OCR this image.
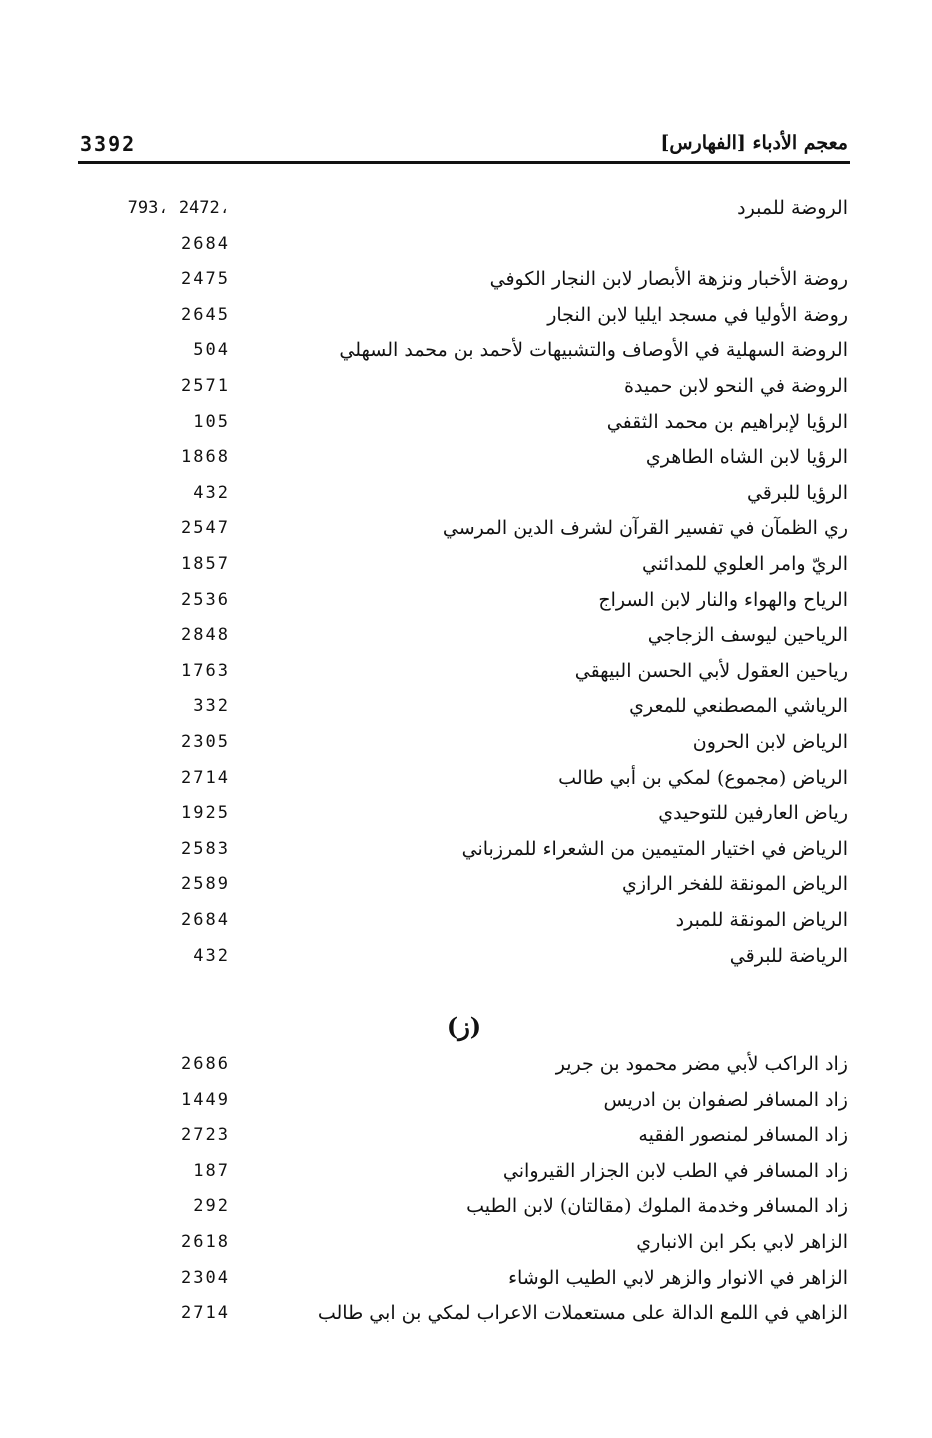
معجم الأدباء [الفهارس]
3392
الروضة للمبرد
793، 2472،
2684
روضة الأخبار ونزهة الأبصار لابن النجار الكوفي
2475
روضة الأوليا في مسجد ايليا لابن النجار
2645
الروضة السهلية في الأوصاف والتشبيهات لأحمد بن محمد السهلي
504
الروضة في النحو لابن حميدة
2571
الرؤيا لإبراهيم بن محمد الثقفي
105
الرؤيا لابن الشاه الطاهري
1868
الرؤيا للبرقي
432
ري الظمآن في تفسير القرآن لشرف الدين المرسي
2547
الريّ وامر العلوي للمدائني
1857
الرياح والهواء والنار لابن السراج
2536
الرياحين ليوسف الزجاجي
2848
رياحين العقول لأبي الحسن البيهقي
1763
الرياشي المصطنعي للمعري
332
الرياض لابن الحرون
2305
الرياض (مجموع) لمكي بن أبي طالب
2714
رياض العارفين للتوحيدي
1925
الرياض في اختيار المتيمين من الشعراء للمرزباني
2583
الرياض المونقة للفخر الرازي
2589
الرياض المونقة للمبرد
2684
الرياضة للبرقي
432
(ز)
زاد الراكب لأبي مضر محمود بن جرير
2686
زاد المسافر لصفوان بن ادريس
1449
زاد المسافر لمنصور الفقيه
2723
زاد المسافر في الطب لابن الجزار القيرواني
187
زاد المسافر وخدمة الملوك (مقالتان) لابن الطيب
292
الزاهر لابي بكر ابن الانباري
2618
الزاهر في الانوار والزهر لابي الطيب الوشاء
2304
الزاهي في اللمع الدالة على مستعملات الاعراب لمكي بن ابي طالب
2714
